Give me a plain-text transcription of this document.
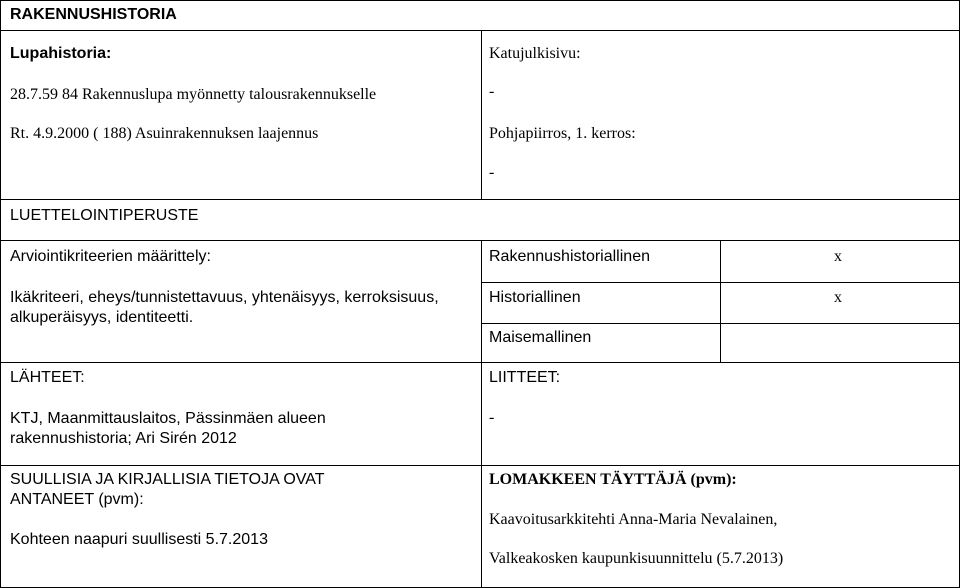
RAKENNUSHISTORIA
Lupahistoria:
28.7.59 84 Rakennuslupa myönnetty talousrakennukselle
Rt. 4.9.2000 ( 188) Asuinrakennuksen laajennus
Katujulkisivu:
-
Pohjapiirros, 1. kerros:
-
LUETTELOINTIPERUSTE
Arviointikriteerien määrittely:
Ikäkriteeri, eheys/tunnistettavuus, yhtenäisyys, kerroksisuus,
alkuperäisyys, identiteetti.
Rakennushistoriallinen	x
Historiallinen	x
Maisemallinen
LÄHTEET:
KTJ, Maanmittauslaitos, Pässinmäen alueen
rakennushistoria; Ari Sirén 2012
LIITTEET:
-
SUULLISIA JA KIRJALLISIA TIETOJA OVAT
ANTANEET (pvm):
Kohteen naapuri suullisesti 5.7.2013
LOMAKKEEN TÄYTTÄJÄ (pvm):
Kaavoitusarkkitehti Anna-Maria Nevalainen,
Valkeakosken kaupunkisuunnittelu (5.7.2013)
